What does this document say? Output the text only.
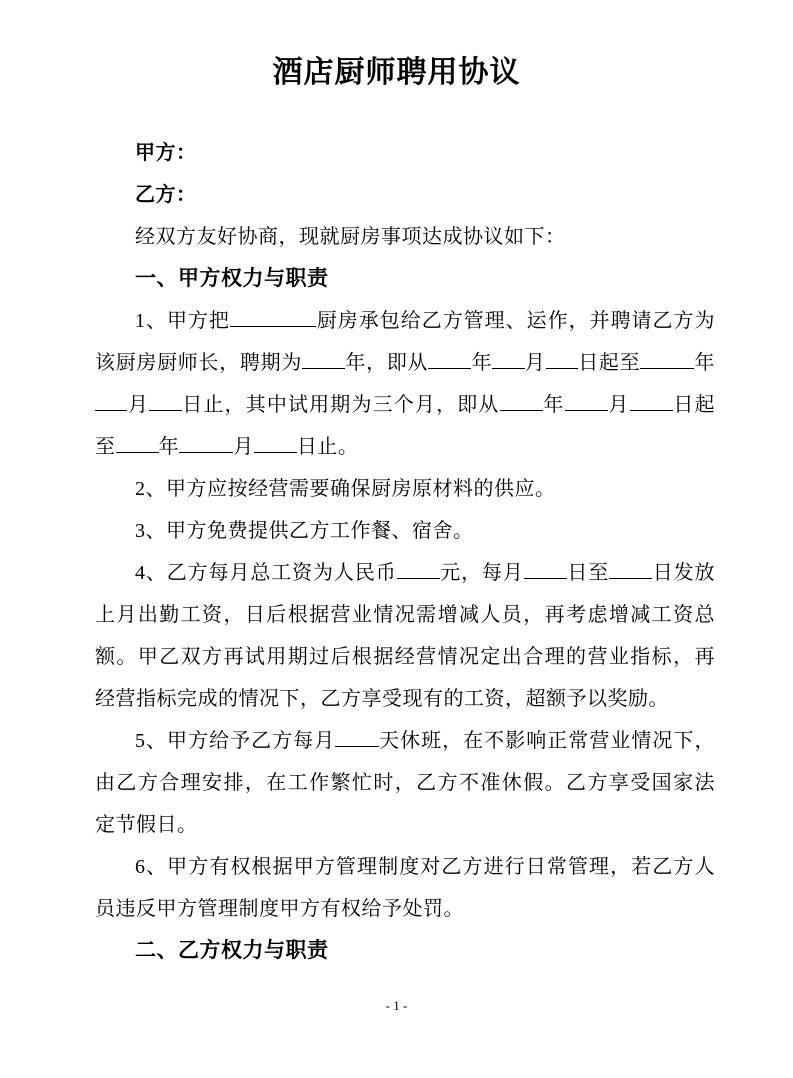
酒店厨师聘用协议
甲方：
乙方：
经双方友好协商，现就厨房事项达成协议如下：
一、甲方权力与职责
1、甲方把	厨房承包给乙方管理、运作，并聘请乙方为
该厨房厨师长，聘期为 年，即从 年 月 日起至	年
月 日止，其中试用期为三个月，即从 年 月 日起
至 年	月 日止。
2、甲方应按经营需要确保厨房原材料的供应。
3、甲方免费提供乙方工作餐、宿舍。
4、乙方每月总工资为人民币 元，每月 日至 日发放
上月出勤工资，日后根据营业情况需增减人员，再考虑增减工资总
额。甲乙双方再试用期过后根据经营情况定出合理的营业指标，再
经营指标完成的情况下，乙方享受现有的工资，超额予以奖励。
5、甲方给予乙方每月 天休班，在不影响正常营业情况下，
由乙方合理安排，在工作繁忙时，乙方不准休假。乙方享受国家法
定节假日。
6、甲方有权根据甲方管理制度对乙方进行日常管理，若乙方人
员违反甲方管理制度甲方有权给予处罚。
二、乙方权力与职责
- 1 -
